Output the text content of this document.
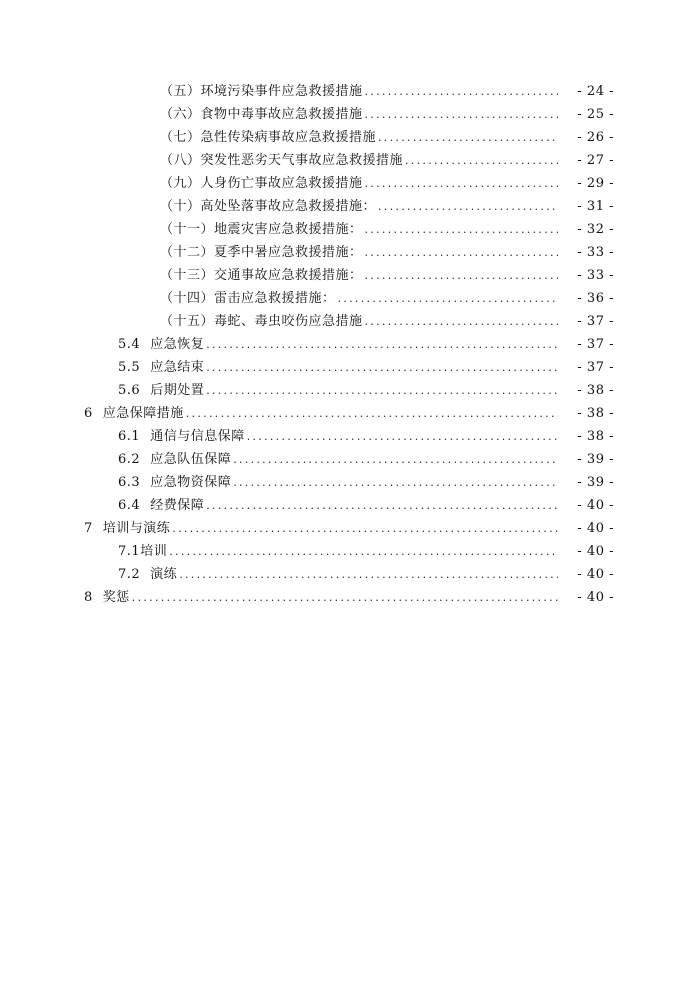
（五）环境污染事件应急救援措施 .....	- 24 -
（六）食物中毒事故应急救援措施 .....	- 25 -
（七）急性传染病事故应急救援措施 .....	- 26 -
（八）突发性恶劣天气事故应急救援措施 .....	- 27 -
（九）人身伤亡事故应急救援措施 .....	- 29 -
（十）高处坠落事故应急救援措施： .....	- 31 -
（十一）地震灾害应急救援措施： .....	- 32 -
（十二）夏季中暑应急救援措施： .....	- 33 -
（十三）交通事故应急救援措施： .....	- 33 -
（十四）雷击应急救援措施： .....	- 36 -
（十五）毒蛇、毒虫咬伤应急措施 .....	- 37 -
5.4 应急恢复 .....	- 37 -
5.5 应急结束 .....	- 37 -
5.6 后期处置 .....	- 38 -
6 应急保障措施 .....	- 38 -
6.1 通信与信息保障 .....	- 38 -
6.2 应急队伍保障 .....	- 39 -
6.3 应急物资保障 .....	- 39 -
6.4 经费保障 .....	- 40 -
7 培训与演练 .....	- 40 -
7.1培训 .....	- 40 -
7.2 演练 .....	- 40 -
8 奖惩 .....	- 40 -
